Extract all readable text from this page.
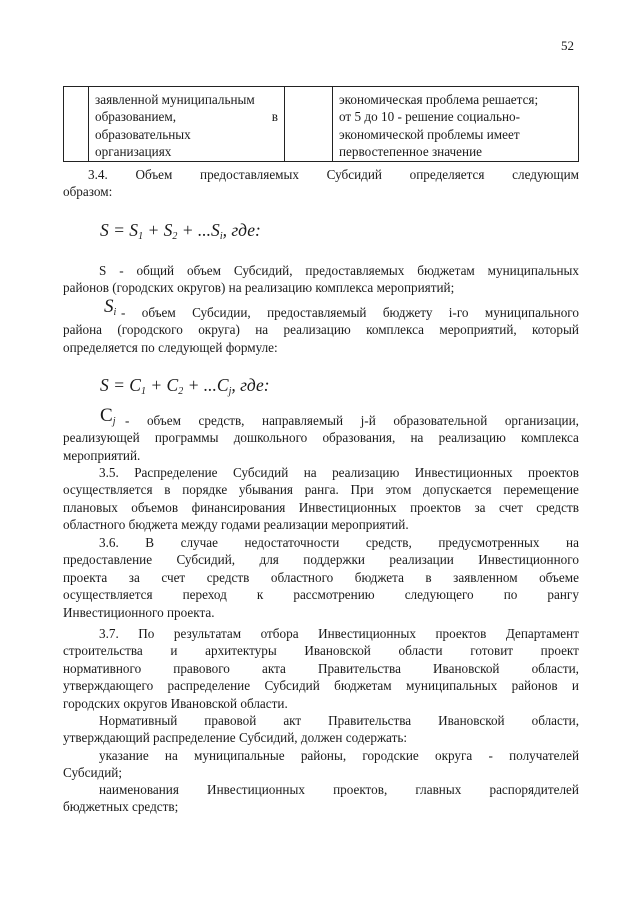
52
заявленной муниципальным
образованием,	в
образовательных
организациях
экономическая проблема решается;
от 5 до 10 - решение социально-
экономической проблемы имеет
первостепенное значение
3.4. Объем предоставляемых Субсидий определяется следующим
образом:
$S = S_1 + S_2 + ...S_i$, где:
S - общий объем Субсидий, предоставляемых бюджетам муниципальных
районов (городских округов) на реализацию комплекса мероприятий;
$S_i$ - объем Субсидии, предоставляемый бюджету i-го муниципального
района (городского округа) на реализацию комплекса мероприятий, который
определяется по следующей формуле:
$S = C_1 + C_2 + ...C_j$, где:
$C_j$ - объем средств, направляемый j-й образовательной организации,
реализующей программы дошкольного образования, на реализацию комплекса
мероприятий.
3.5. Распределение Субсидий на реализацию Инвестиционных проектов
осуществляется в порядке убывания ранга. При этом допускается перемещение
плановых объемов финансирования Инвестиционных проектов за счет средств
областного бюджета между годами реализации мероприятий.
3.6. В случае недостаточности средств, предусмотренных на
предоставление Субсидий, для поддержки реализации Инвестиционного
проекта за счет средств областного бюджета в заявленном объеме
осуществляется переход к рассмотрению следующего по рангу
Инвестиционного проекта.
3.7. По результатам отбора Инвестиционных проектов Департамент
строительства и архитектуры Ивановской области готовит проект
нормативного правового акта Правительства Ивановской области,
утверждающего распределение Субсидий бюджетам муниципальных районов и
городских округов Ивановской области.
Нормативный правовой акт Правительства Ивановской области,
утверждающий распределение Субсидий, должен содержать:
указание на муниципальные районы, городские округа - получателей
Субсидий;
наименования Инвестиционных проектов, главных распорядителей
бюджетных средств;
